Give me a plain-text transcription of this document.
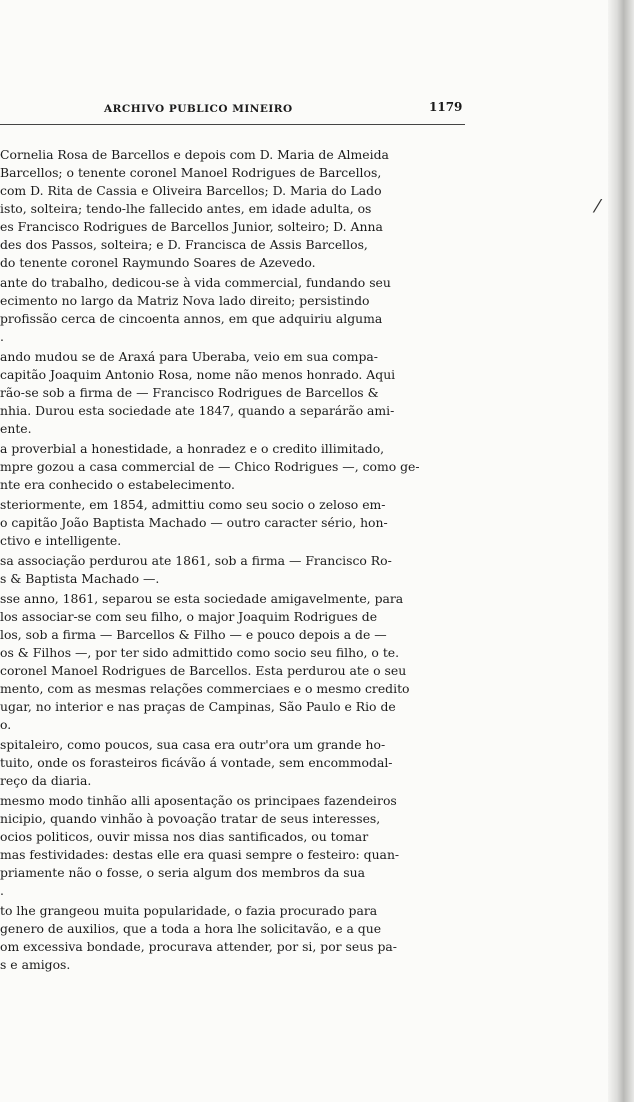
⁄
ARCHIVO PUBLICO MINEIRO	1179
Cornelia Rosa de Barcellos e depois com D. Maria de Almeida
Barcellos; o tenente coronel Manoel Rodrigues de Barcellos,
com D. Rita de Cassia e Oliveira Barcellos; D. Maria do Lado
isto, solteira; tendo-lhe fallecido antes, em idade adulta, os
es Francisco Rodrigues de Barcellos Junior, solteiro; D. Anna
des dos Passos, solteira; e D. Francisca de Assis Barcellos,
do tenente coronel Raymundo Soares de Azevedo.
ante do trabalho, dedicou-se à vida commercial, fundando seu
ecimento no largo da Matriz Nova lado direito; persistindo
profissão cerca de cincoenta annos, em que adquiriu alguma
.
ando mudou se de Araxá para Uberaba, veio em sua compa-
capitão Joaquim Antonio Rosa, nome não menos honrado. Aqui
rão-se sob a firma de — Francisco Rodrigues de Barcellos &
nhia. Durou esta sociedade ate 1847, quando a separárão ami-
ente.
a proverbial a honestidade, a honradez e o credito illimitado,
mpre gozou a casa commercial de — Chico Rodrigues —, como ge-
nte era conhecido o estabelecimento.
steriormente, em 1854, admittiu como seu socio o zeloso em-
o capitão João Baptista Machado — outro caracter sério, hon-
ctivo e intelligente.
sa associação perdurou ate 1861, sob a firma — Francisco Ro-
s & Baptista Machado —.
sse anno, 1861, separou se esta sociedade amigavelmente, para
los associar-se com seu filho, o major Joaquim Rodrigues de
los, sob a firma — Barcellos & Filho — e pouco depois a de —
os & Filhos —, por ter sido admittido como socio seu filho, o te.
coronel Manoel Rodrigues de Barcellos. Esta perdurou ate o seu
mento, com as mesmas relações commerciaes e o mesmo credito
ugar, no interior e nas praças de Campinas, São Paulo e Rio de
o.
spitaleiro, como poucos, sua casa era outr'ora um grande ho-
tuito, onde os forasteiros ficávão á vontade, sem encommodal-
reço da diaria.
mesmo modo tinhão alli aposentação os principaes fazendeiros
nicipio, quando vinhão à povoação tratar de seus interesses,
ocios politicos, ouvir missa nos dias santificados, ou tomar
mas festividades: destas elle era quasi sempre o festeiro: quan-
priamente não o fosse, o seria algum dos membros da sua
.
to lhe grangeou muita popularidade, o fazia procurado para
genero de auxilios, que a toda a hora lhe solicitavão, e a que
om excessiva bondade, procurava attender, por si, por seus pa-
s e amigos.
